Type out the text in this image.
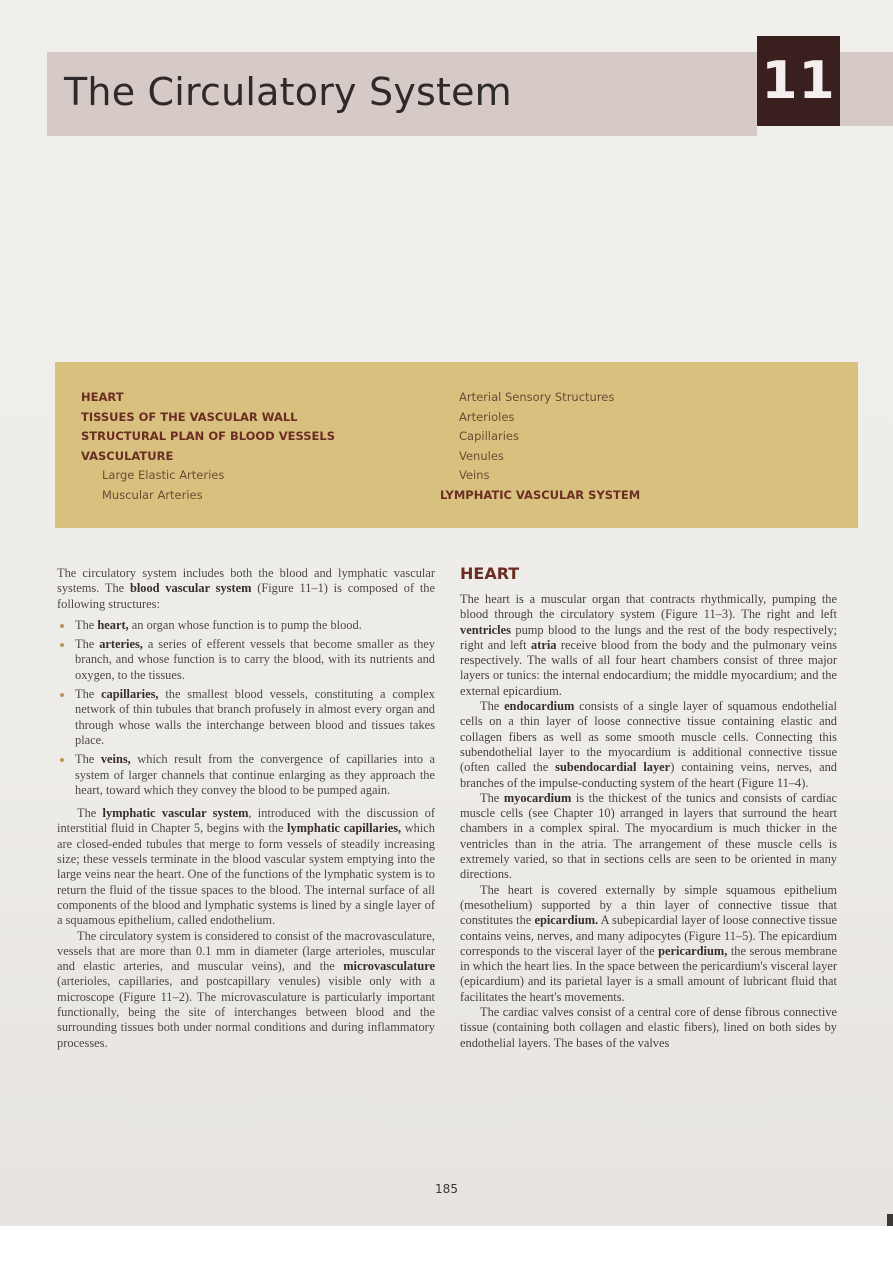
The Circulatory System	11
HEART
TISSUES OF THE VASCULAR WALL
STRUCTURAL PLAN OF BLOOD VESSELS
VASCULATURE
Large Elastic Arteries
Muscular Arteries
Arterial Sensory Structures
Arterioles
Capillaries
Venules
Veins
LYMPHATIC VASCULAR SYSTEM

The circulatory system includes both the blood and lymphatic vascular systems. The blood vascular system (Figure 11–1) is composed of the following structures:

The heart, an organ whose function is to pump the blood.
The arteries, a series of efferent vessels that become smaller as they branch, and whose function is to carry the blood, with its nutrients and oxygen, to the tissues.
The capillaries, the smallest blood vessels, constituting a complex network of thin tubules that branch profusely in almost every organ and through whose walls the interchange between blood and tissues takes place.
The veins, which result from the convergence of capillaries into a system of larger channels that continue enlarging as they approach the heart, toward which they convey the blood to be pumped again.

The lymphatic vascular system, introduced with the discussion of interstitial fluid in Chapter 5, begins with the lymphatic capillaries, which are closed-ended tubules that merge to form vessels of steadily increasing size; these vessels terminate in the blood vascular system emptying into the large veins near the heart. One of the functions of the lymphatic system is to return the fluid of the tissue spaces to the blood. The internal surface of all components of the blood and lymphatic systems is lined by a single layer of a squamous epithelium, called endothelium.

The circulatory system is considered to consist of the macrovasculature, vessels that are more than 0.1 mm in diameter (large arterioles, muscular and elastic arteries, and muscular veins), and the microvasculature (arterioles, capillaries, and postcapillary venules) visible only with a microscope (Figure 11–2). The microvasculature is particularly important functionally, being the site of interchanges between blood and the surrounding tissues both under normal conditions and during inflammatory processes.

HEART

The heart is a muscular organ that contracts rhythmically, pumping the blood through the circulatory system (Figure 11–3). The right and left ventricles pump blood to the lungs and the rest of the body respectively; right and left atria receive blood from the body and the pulmonary veins respectively. The walls of all four heart chambers consist of three major layers or tunics: the internal endocardium; the middle myocardium; and the external epicardium.

The endocardium consists of a single layer of squamous endothelial cells on a thin layer of loose connective tissue containing elastic and collagen fibers as well as some smooth muscle cells. Connecting this subendothelial layer to the myocardium is additional connective tissue (often called the subendocardial layer) containing veins, nerves, and branches of the impulse-conducting system of the heart (Figure 11–4).

The myocardium is the thickest of the tunics and consists of cardiac muscle cells (see Chapter 10) arranged in layers that surround the heart chambers in a complex spiral. The myocardium is much thicker in the ventricles than in the atria. The arrangement of these muscle cells is extremely varied, so that in sections cells are seen to be oriented in many directions.

The heart is covered externally by simple squamous epithelium (mesothelium) supported by a thin layer of connective tissue that constitutes the epicardium. A subepicardial layer of loose connective tissue contains veins, nerves, and many adipocytes (Figure 11–5). The epicardium corresponds to the visceral layer of the pericardium, the serous membrane in which the heart lies. In the space between the pericardium's visceral layer (epicardium) and its parietal layer is a small amount of lubricant fluid that facilitates the heart's movements.

The cardiac valves consist of a central core of dense fibrous connective tissue (containing both collagen and elastic fibers), lined on both sides by endothelial layers. The bases of the valves

185
